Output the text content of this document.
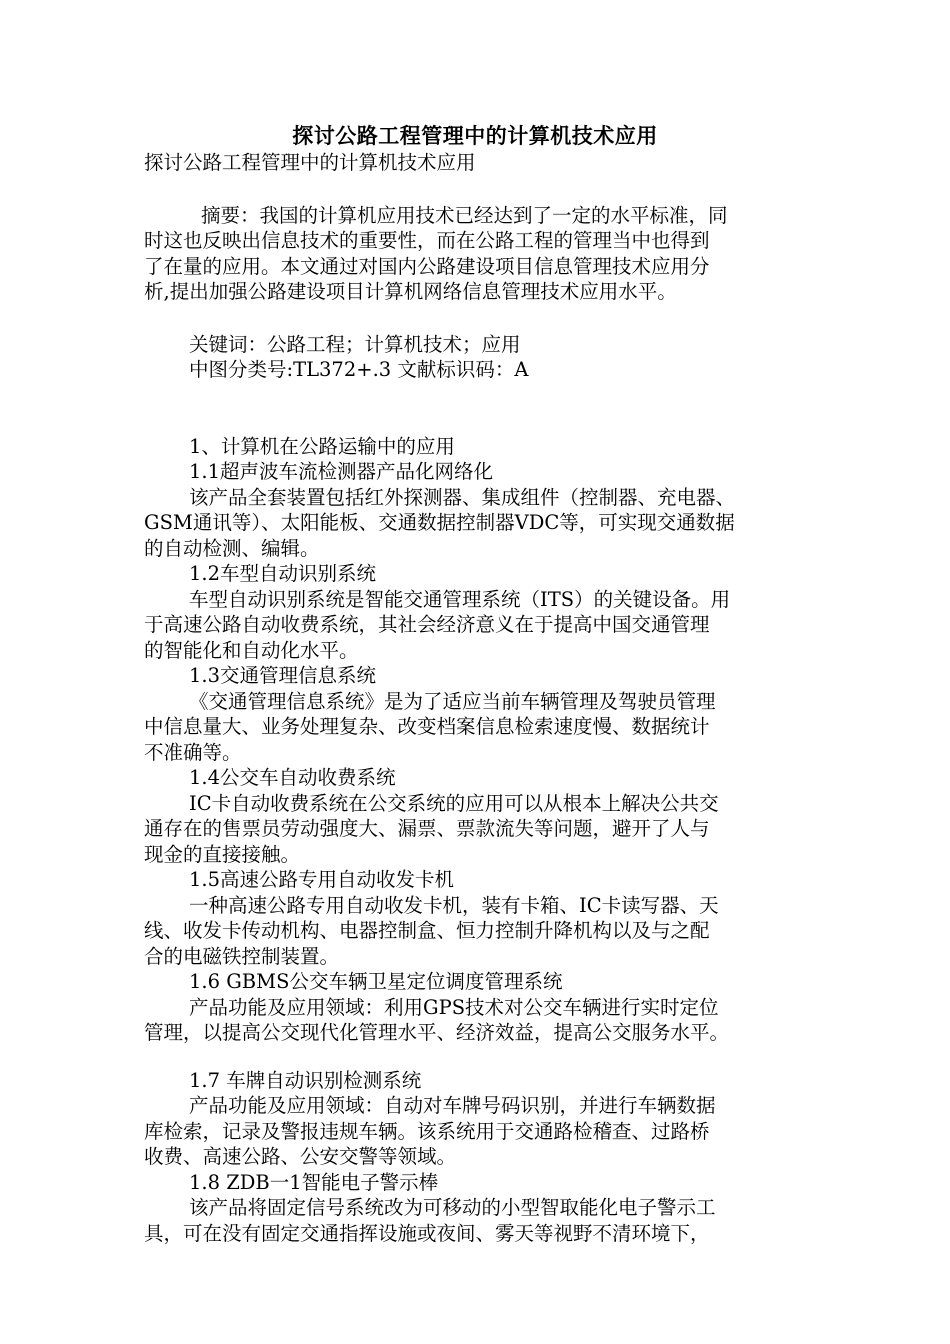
探讨公路工程管理中的计算机技术应用
探讨公路工程管理中的计算机技术应用
摘要：我国的计算机应用技术已经达到了一定的水平标准，同
时这也反映出信息技术的重要性，而在公路工程的管理当中也得到
了在量的应用。本文通过对国内公路建设项目信息管理技术应用分
析,提出加强公路建设项目计算机网络信息管理技术应用水平。
关键词：公路工程；计算机技术；应用
中图分类号:TL372+.3 文献标识码：A
1、计算机在公路运输中的应用
1.1超声波车流检测器产品化网络化
该产品全套装置包括红外探测器、集成组件（控制器、充电器、
GSM通讯等）、太阳能板、交通数据控制器VDC等，可实现交通数据
的自动检测、编辑。
1.2车型自动识别系统
车型自动识别系统是智能交通管理系统（ITS）的关键设备。用
于高速公路自动收费系统，其社会经济意义在于提高中国交通管理
的智能化和自动化水平。
1.3交通管理信息系统
《交通管理信息系统》是为了适应当前车辆管理及驾驶员管理
中信息量大、业务处理复杂、改变档案信息检索速度慢、数据统计
不准确等。
1.4公交车自动收费系统
IC卡自动收费系统在公交系统的应用可以从根本上解决公共交
通存在的售票员劳动强度大、漏票、票款流失等问题，避开了人与
现金的直接接触。
1.5高速公路专用自动收发卡机
一种高速公路专用自动收发卡机，装有卡箱、IC卡读写器、天
线、收发卡传动机构、电器控制盒、恒力控制升降机构以及与之配
合的电磁铁控制装置。
1.6 GBMS公交车辆卫星定位调度管理系统
产品功能及应用领域：利用GPS技术对公交车辆进行实时定位
管理，以提高公交现代化管理水平、经济效益，提高公交服务水平。
1.7 车牌自动识别检测系统
产品功能及应用领域：自动对车牌号码识别，并进行车辆数据
库检索，记录及警报违规车辆。该系统用于交通路检稽查、过路桥
收费、高速公路、公安交警等领域。
1.8 ZDB一1智能电子警示棒
该产品将固定信号系统改为可移动的小型智取能化电子警示工
具，可在没有固定交通指挥设施或夜间、雾天等视野不清环境下，
